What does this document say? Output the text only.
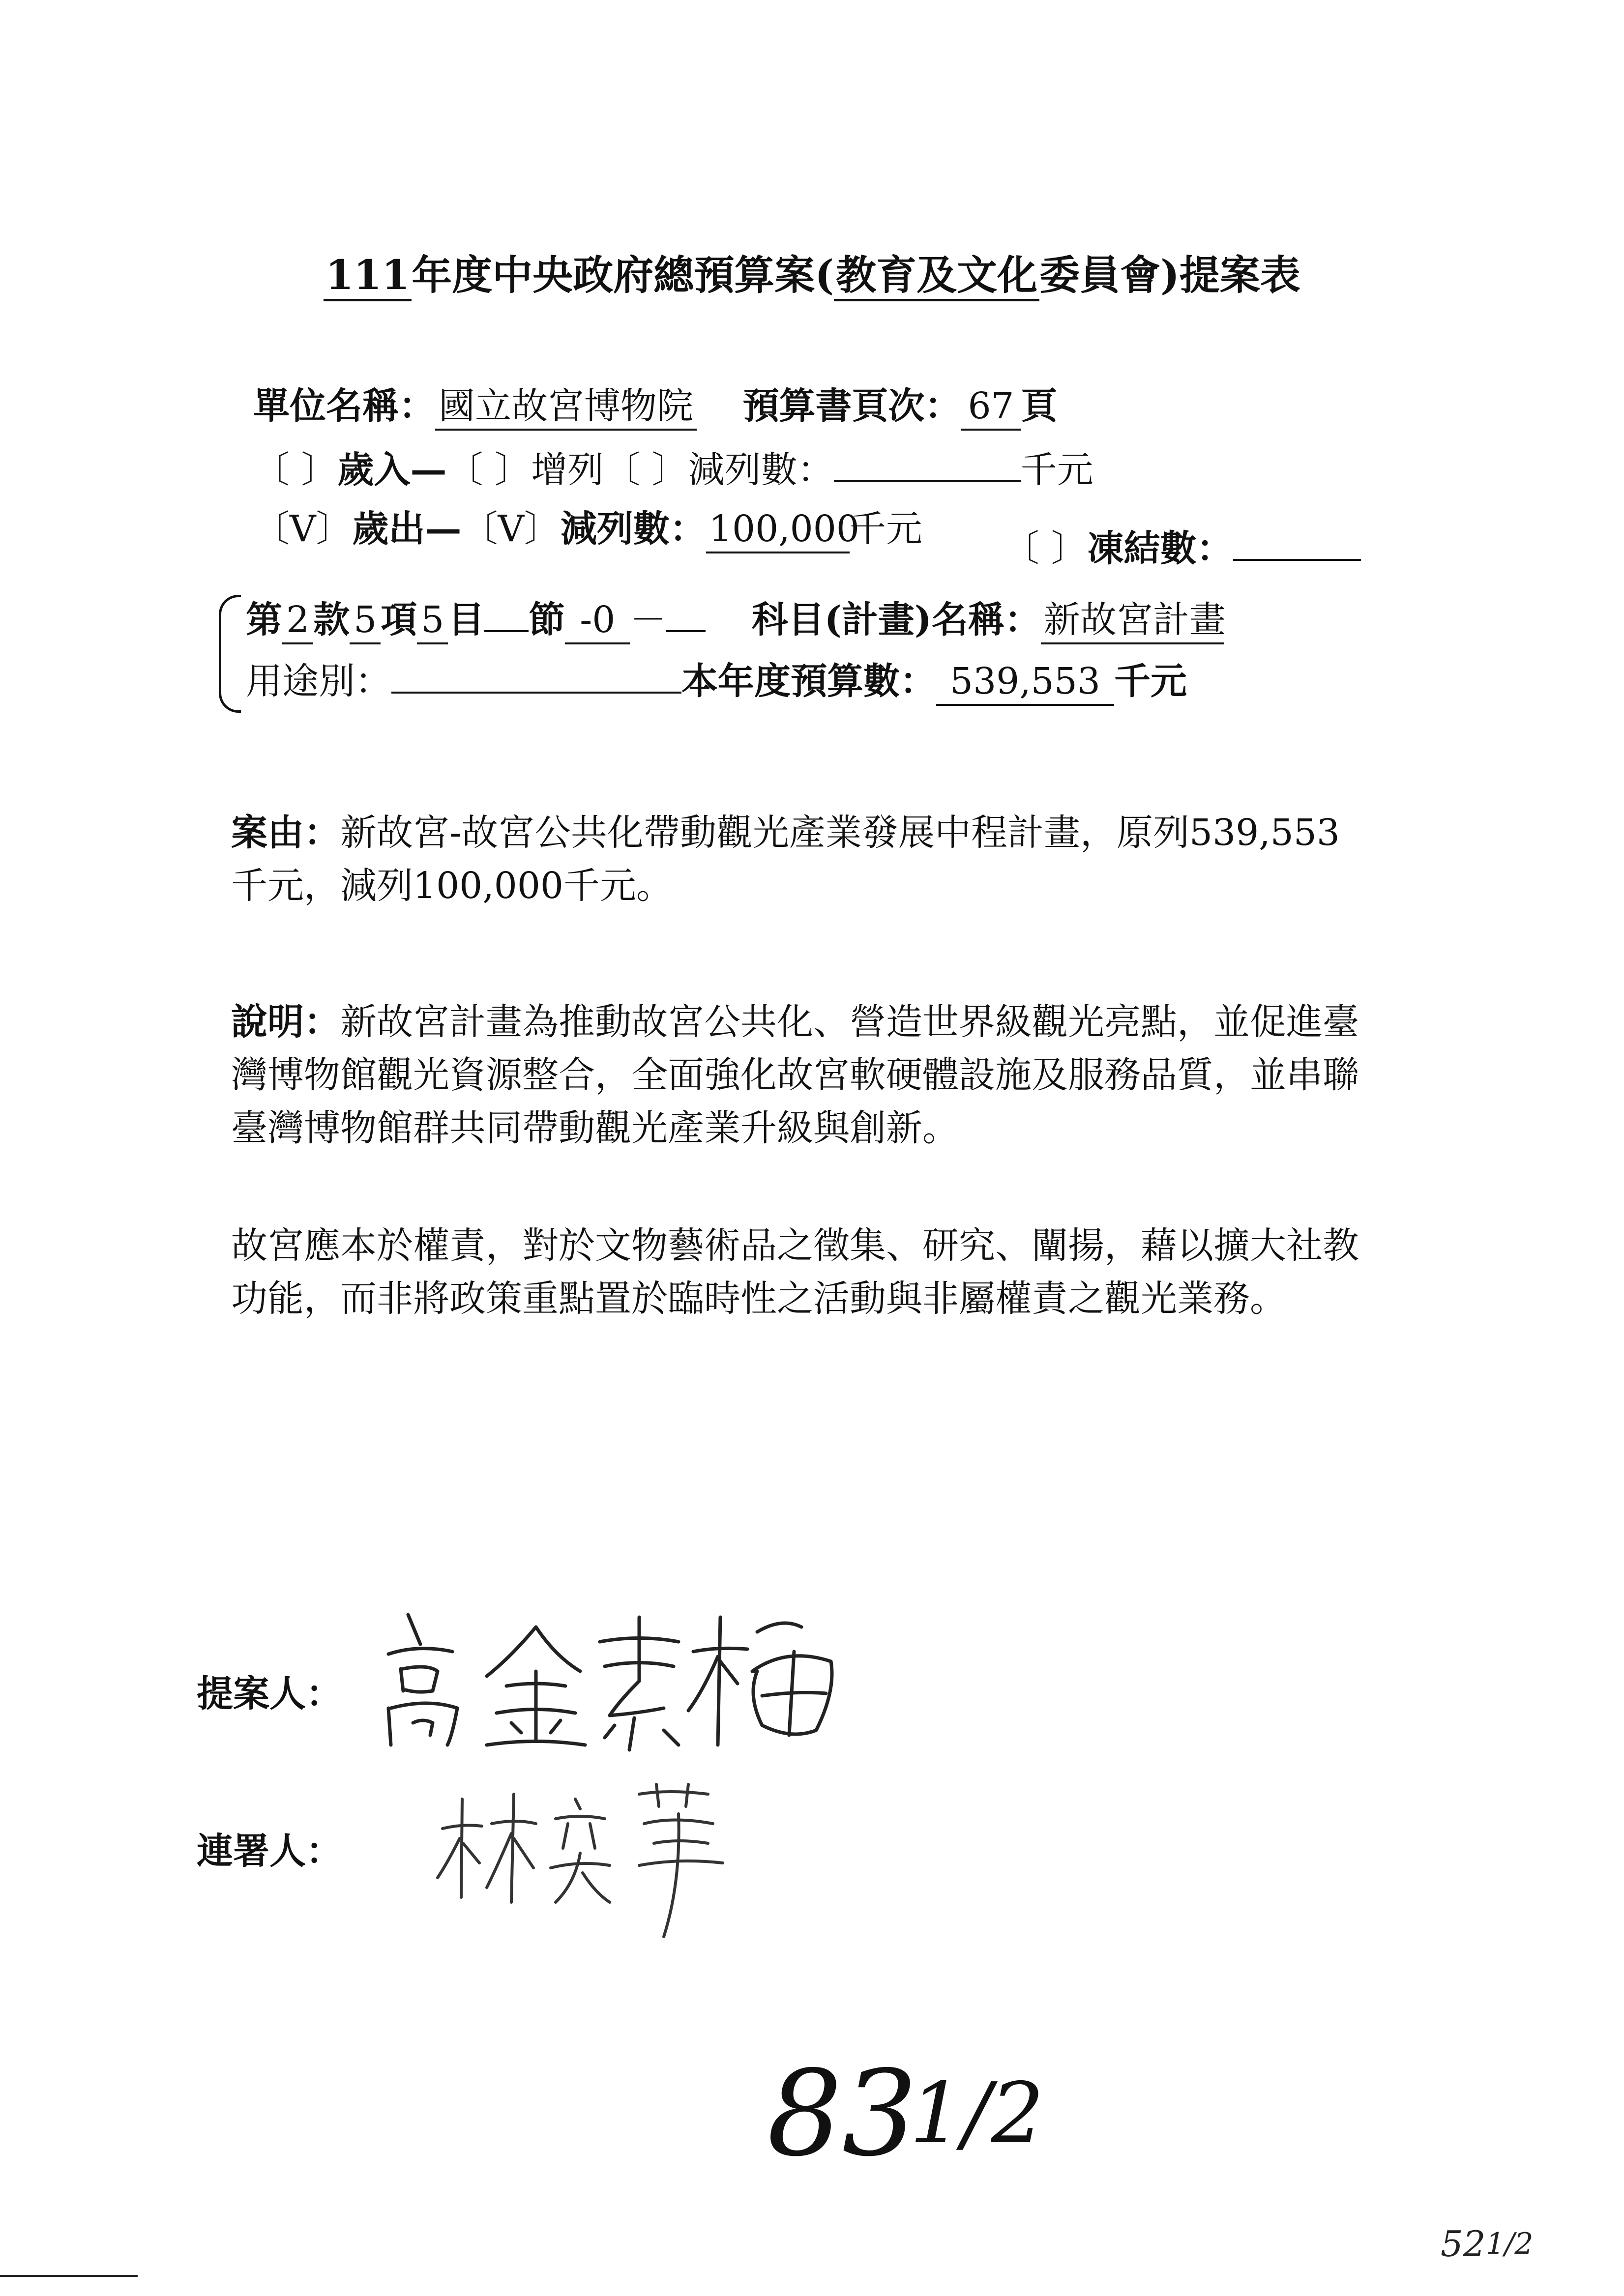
111年度中央政府總預算案(教育及文化委員會)提案表
單位名稱：國立故宮博物院 預算書頁次： 67 頁
〔 〕歲入—〔 〕增列〔 〕減列數：	千元
〔V〕歲出—〔V〕減列數：100,000千元 〔 〕凍結數：
第 2 款 5 項 5 目 節 -0 － 科目(計畫)名稱：新故宮計畫
用途別：	本年度預算數： 539,553 千元
案由：新故宮-故宮公共化帶動觀光產業發展中程計畫，原列539,553千元，減列100,000千元。
說明：新故宮計畫為推動故宮公共化、營造世界級觀光亮點，並促進臺灣博物館觀光資源整合，全面強化故宮軟硬體設施及服務品質，並串聯臺灣博物館群共同帶動觀光產業升級與創新。
故宮應本於權責，對於文物藝術品之徵集、研究、闡揚，藉以擴大社教功能，而非將政策重點置於臨時性之活動與非屬權責之觀光業務。
提案人：
連署人：
83
1/2
52 1/2
